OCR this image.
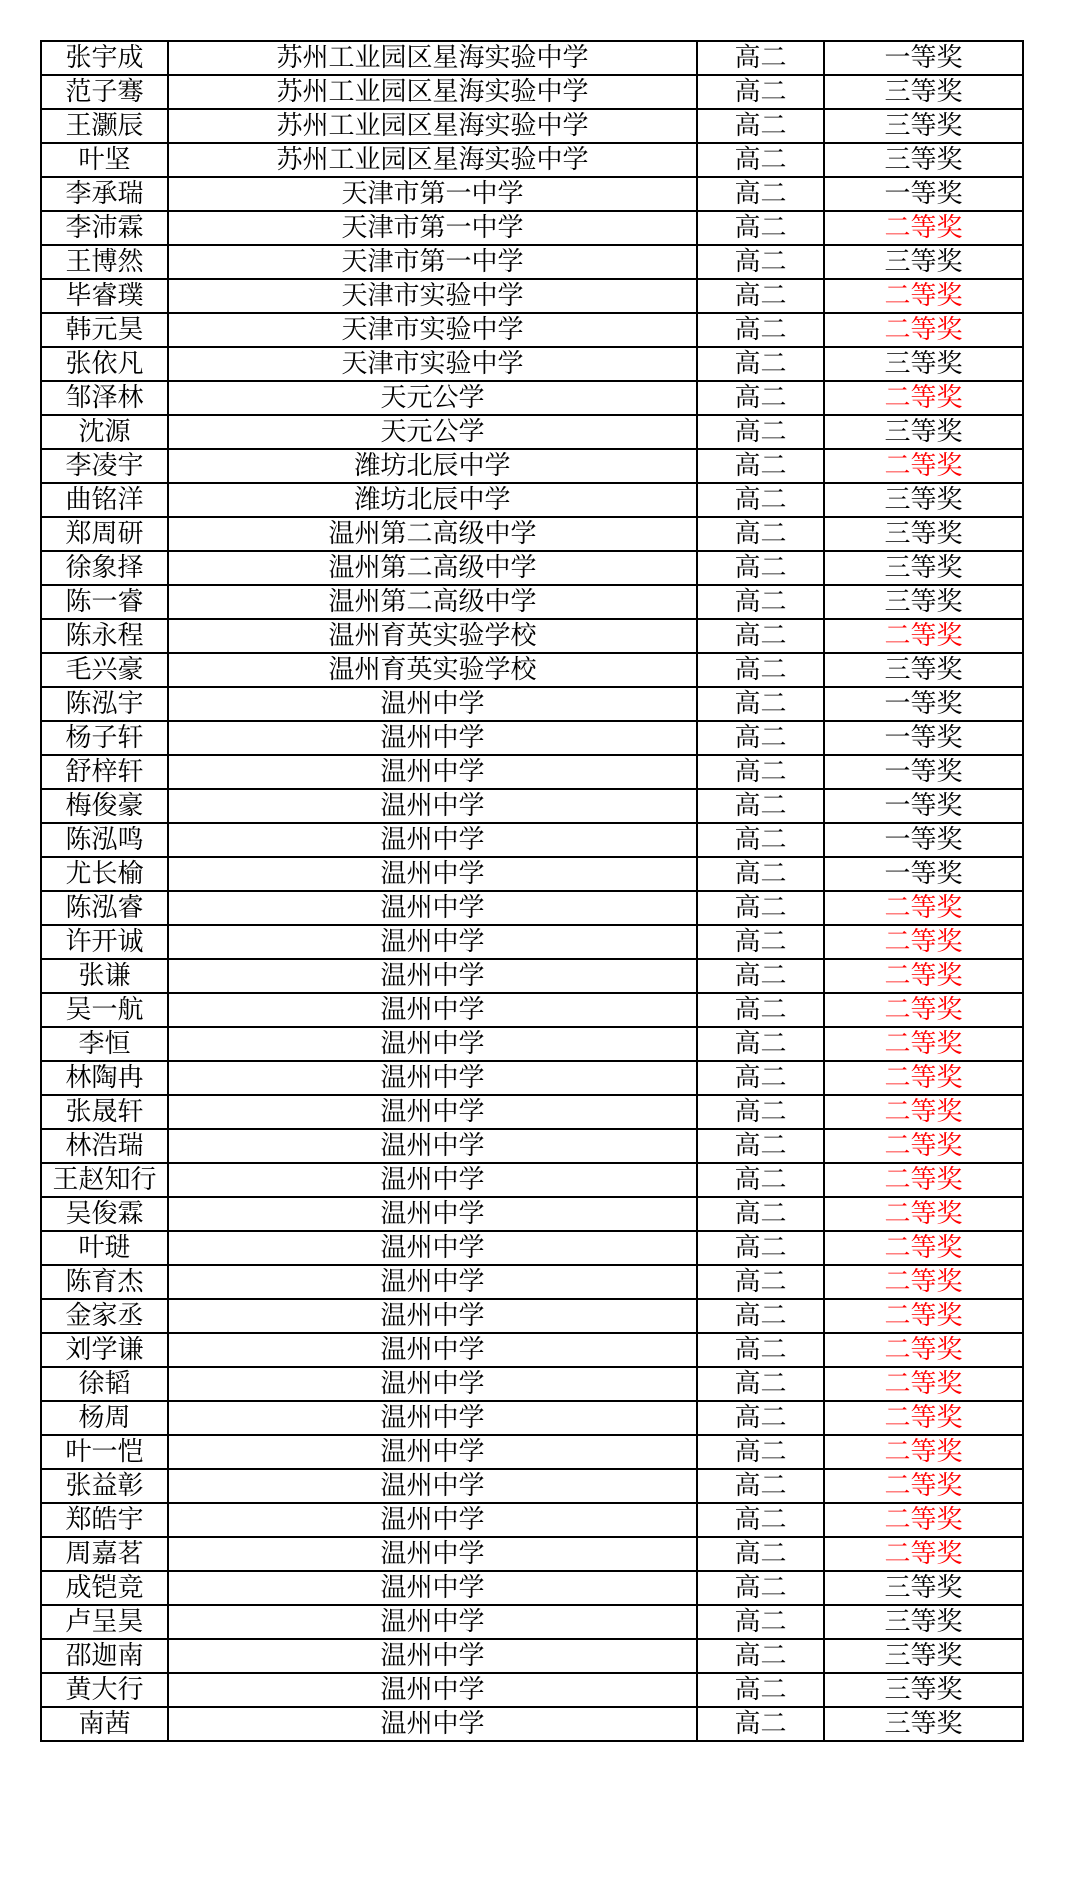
张宇成	苏州工业园区星海实验中学	高二	一等奖
范子骞	苏州工业园区星海实验中学	高二	三等奖
王灏辰	苏州工业园区星海实验中学	高二	三等奖
叶坚	苏州工业园区星海实验中学	高二	三等奖
李承瑞	天津市第一中学	高二	一等奖
李沛霖	天津市第一中学	高二	二等奖
王博然	天津市第一中学	高二	三等奖
毕睿璞	天津市实验中学	高二	二等奖
韩元昊	天津市实验中学	高二	二等奖
张依凡	天津市实验中学	高二	三等奖
邹泽林	天元公学	高二	二等奖
沈源	天元公学	高二	三等奖
李凌宇	潍坊北辰中学	高二	二等奖
曲铭洋	潍坊北辰中学	高二	三等奖
郑周研	温州第二高级中学	高二	三等奖
徐象择	温州第二高级中学	高二	三等奖
陈一睿	温州第二高级中学	高二	三等奖
陈永程	温州育英实验学校	高二	二等奖
毛兴豪	温州育英实验学校	高二	三等奖
陈泓宇	温州中学	高二	一等奖
杨子轩	温州中学	高二	一等奖
舒梓轩	温州中学	高二	一等奖
梅俊豪	温州中学	高二	一等奖
陈泓鸣	温州中学	高二	一等奖
尤长榆	温州中学	高二	一等奖
陈泓睿	温州中学	高二	二等奖
许开诚	温州中学	高二	二等奖
张谦	温州中学	高二	二等奖
吴一航	温州中学	高二	二等奖
李恒	温州中学	高二	二等奖
林陶冉	温州中学	高二	二等奖
张晟轩	温州中学	高二	二等奖
林浩瑞	温州中学	高二	二等奖
王赵知行	温州中学	高二	二等奖
吴俊霖	温州中学	高二	二等奖
叶琎	温州中学	高二	二等奖
陈育杰	温州中学	高二	二等奖
金家丞	温州中学	高二	二等奖
刘学谦	温州中学	高二	二等奖
徐韬	温州中学	高二	二等奖
杨周	温州中学	高二	二等奖
叶一恺	温州中学	高二	二等奖
张益彰	温州中学	高二	二等奖
郑皓宇	温州中学	高二	二等奖
周嘉茗	温州中学	高二	二等奖
成铠竞	温州中学	高二	三等奖
卢呈昊	温州中学	高二	三等奖
邵迦南	温州中学	高二	三等奖
黄大行	温州中学	高二	三等奖
南茜	温州中学	高二	三等奖
